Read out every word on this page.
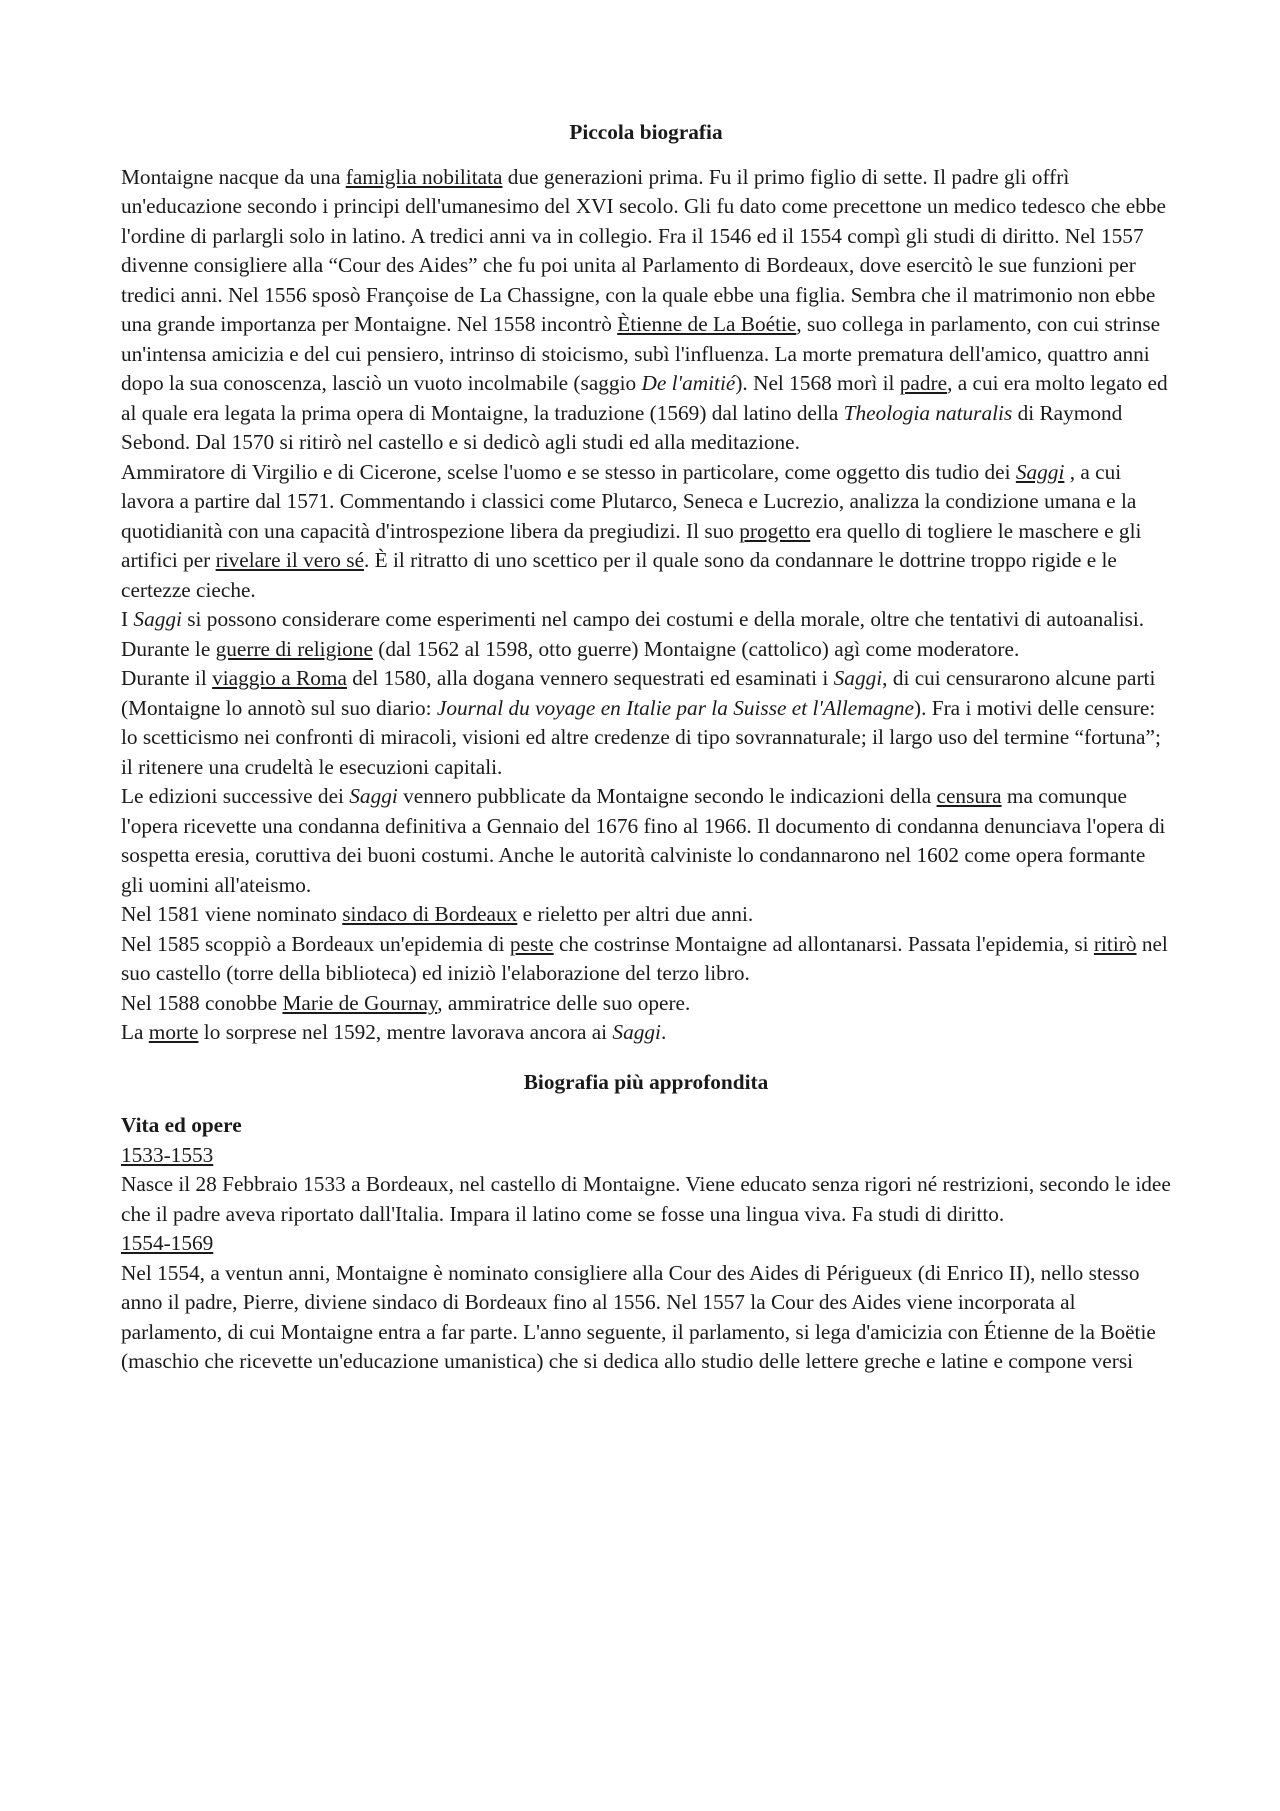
Piccola biografia

Montaigne nacque da una famiglia nobilitata due generazioni prima. Fu il primo figlio di sette. Il padre gli offrì un'educazione secondo i principi dell'umanesimo del XVI secolo. Gli fu dato come precettone un medico tedesco che ebbe l'ordine di parlargli solo in latino. A tredici anni va in collegio. Fra il 1546 ed il 1554 compì gli studi di diritto. Nel 1557 divenne consigliere alla “Cour des Aides” che fu poi unita al Parlamento di Bordeaux, dove esercitò le sue funzioni per tredici anni. Nel 1556 sposò Françoise de La Chassigne, con la quale ebbe una figlia. Sembra che il matrimonio non ebbe una grande importanza per Montaigne. Nel 1558 incontrò Ètienne de La Boétie, suo collega in parlamento, con cui strinse un'intensa amicizia e del cui pensiero, intrinso di stoicismo, subì l'influenza. La morte prematura dell'amico, quattro anni dopo la sua conoscenza, lasciò un vuoto incolmabile (saggio De l'amitié). Nel 1568 morì il padre, a cui era molto legato ed al quale era legata la prima opera di Montaigne, la traduzione (1569) dal latino della Theologia naturalis di Raymond Sebond. Dal 1570 si ritirò nel castello e si dedicò agli studi ed alla meditazione.

Ammiratore di Virgilio e di Cicerone, scelse l'uomo e se stesso in particolare, come oggetto dis tudio dei Saggi , a cui lavora a partire dal 1571. Commentando i classici come Plutarco, Seneca e Lucrezio, analizza la condizione umana e la quotidianità con una capacità d'introspezione libera da pregiudizi. Il suo progetto era quello di togliere le maschere e gli artifici per rivelare il vero sé. È il ritratto di uno scettico per il quale sono da condannare le dottrine troppo rigide e le certezze cieche.

I Saggi si possono considerare come esperimenti nel campo dei costumi e della morale, oltre che tentativi di autoanalisi.

Durante le guerre di religione (dal 1562 al 1598, otto guerre) Montaigne (cattolico) agì come moderatore.

Durante il viaggio a Roma del 1580, alla dogana vennero sequestrati ed esaminati i Saggi, di cui censurarono alcune parti (Montaigne lo annotò sul suo diario: Journal du voyage en Italie par la Suisse et l'Allemagne). Fra i motivi delle censure: lo scetticismo nei confronti di miracoli, visioni ed altre credenze di tipo sovrannaturale; il largo uso del termine “fortuna”; il ritenere una crudeltà le esecuzioni capitali.

Le edizioni successive dei Saggi vennero pubblicate da Montaigne secondo le indicazioni della censura ma comunque l'opera ricevette una condanna definitiva a Gennaio del 1676 fino al 1966. Il documento di condanna denunciava l'opera di sospetta eresia, coruttiva dei buoni costumi. Anche le autorità calviniste lo condannarono nel 1602 come opera formante gli uomini all'ateismo.

Nel 1581 viene nominato sindaco di Bordeaux e rieletto per altri due anni.

Nel 1585 scoppiò a Bordeaux un'epidemia di peste che costrinse Montaigne ad allontanarsi. Passata l'epidemia, si ritirò nel suo castello (torre della biblioteca) ed iniziò l'elaborazione del terzo libro.

Nel 1588 conobbe Marie de Gournay, ammiratrice delle suo opere.

La morte lo sorprese nel 1592, mentre lavorava ancora ai Saggi.

Biografia più approfondita

Vita ed opere

1533-1553

Nasce il 28 Febbraio 1533 a Bordeaux, nel castello di Montaigne. Viene educato senza rigori né restrizioni, secondo le idee che il padre aveva riportato dall'Italia. Impara il latino come se fosse una lingua viva. Fa studi di diritto.

1554-1569

Nel 1554, a ventun anni, Montaigne è nominato consigliere alla Cour des Aides di Périgueux (di Enrico II), nello stesso anno il padre, Pierre, diviene sindaco di Bordeaux fino al 1556. Nel 1557 la Cour des Aides viene incorporata al parlamento, di cui Montaigne entra a far parte. L'anno seguente, il parlamento, si lega d'amicizia con Étienne de la Boëtie (maschio che ricevette un'educazione umanistica) che si dedica allo studio delle lettere greche e latine e compone versi
